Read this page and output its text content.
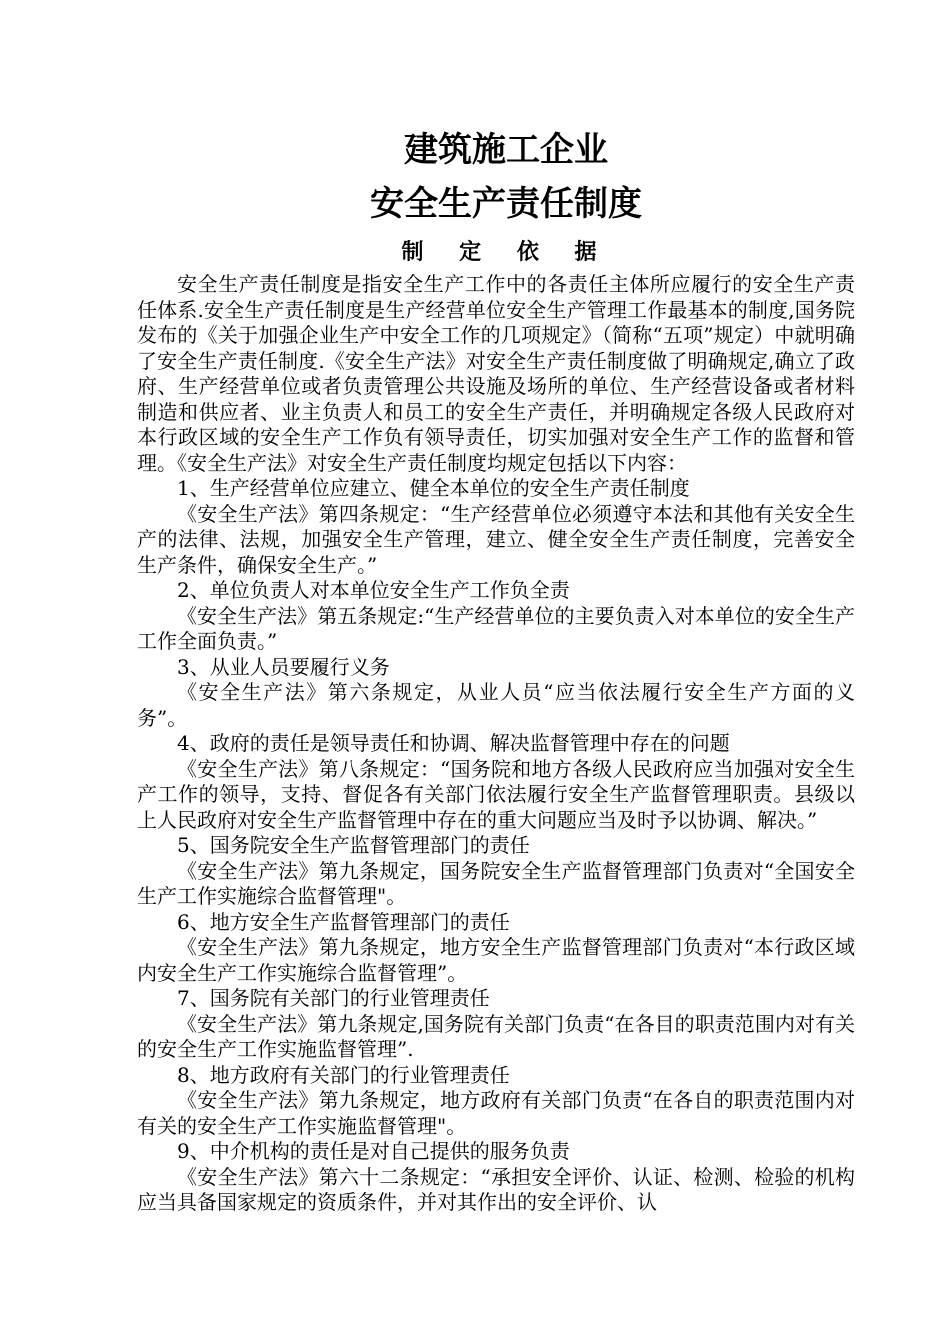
建筑施工企业
安全生产责任制度
制 定 依 据

安全生产责任制度是指安全生产工作中的各责任主体所应履行的安全生产责任体系.安全生产责任制度是生产经营单位安全生产管理工作最基本的制度,国务院发布的《关于加强企业生产中安全工作的几项规定》（简称“五项”规定）中就明确了安全生产责任制度.《安全生产法》对安全生产责任制度做了明确规定,确立了政府、生产经营单位或者负责管理公共设施及场所的单位、生产经营设备或者材料制造和供应者、业主负责人和员工的安全生产责任，并明确规定各级人民政府对本行政区域的安全生产工作负有领导责任，切实加强对安全生产工作的监督和管理。《安全生产法》对安全生产责任制度均规定包括以下内容：

1、生产经营单位应建立、健全本单位的安全生产责任制度

《安全生产法》第四条规定：“生产经营单位必须遵守本法和其他有关安全生产的法律、法规，加强安全生产管理，建立、健全安全生产责任制度，完善安全生产条件，确保安全生产。”

2、单位负责人对本单位安全生产工作负全责

《安全生产法》第五条规定:“生产经营单位的主要负责入对本单位的安全生产工作全面负责。”

3、从业人员要履行义务

《安全生产法》第六条规定，从业人员“应当依法履行安全生产方面的义务”。

4、政府的责任是领导责任和协调、解决监督管理中存在的问题

《安全生产法》第八条规定：“国务院和地方各级人民政府应当加强对安全生产工作的领导，支持、督促各有关部门依法履行安全生产监督管理职责。县级以上人民政府对安全生产监督管理中存在的重大问题应当及时予以协调、解决。”

5、国务院安全生产监督管理部门的责任

《安全生产法》第九条规定，国务院安全生产监督管理部门负责对“全国安全生产工作实施综合监督管理"。

6、地方安全生产监督管理部门的责任

《安全生产法》第九条规定，地方安全生产监督管理部门负责对“本行政区域内安全生产工作实施综合监督管理”。

7、国务院有关部门的行业管理责任

《安全生产法》第九条规定,国务院有关部门负责“在各目的职责范围内对有关的安全生产工作实施监督管理”.

8、地方政府有关部门的行业管理责任

《安全生产法》第九条规定，地方政府有关部门负责“在各自的职责范围内对有关的安全生产工作实施监督管理"。

9、中介机构的责任是对自己提供的服务负责

《安全生产法》第六十二条规定：“承担安全评价、认证、检测、检验的机构应当具备国家规定的资质条件，并对其作出的安全评价、认
